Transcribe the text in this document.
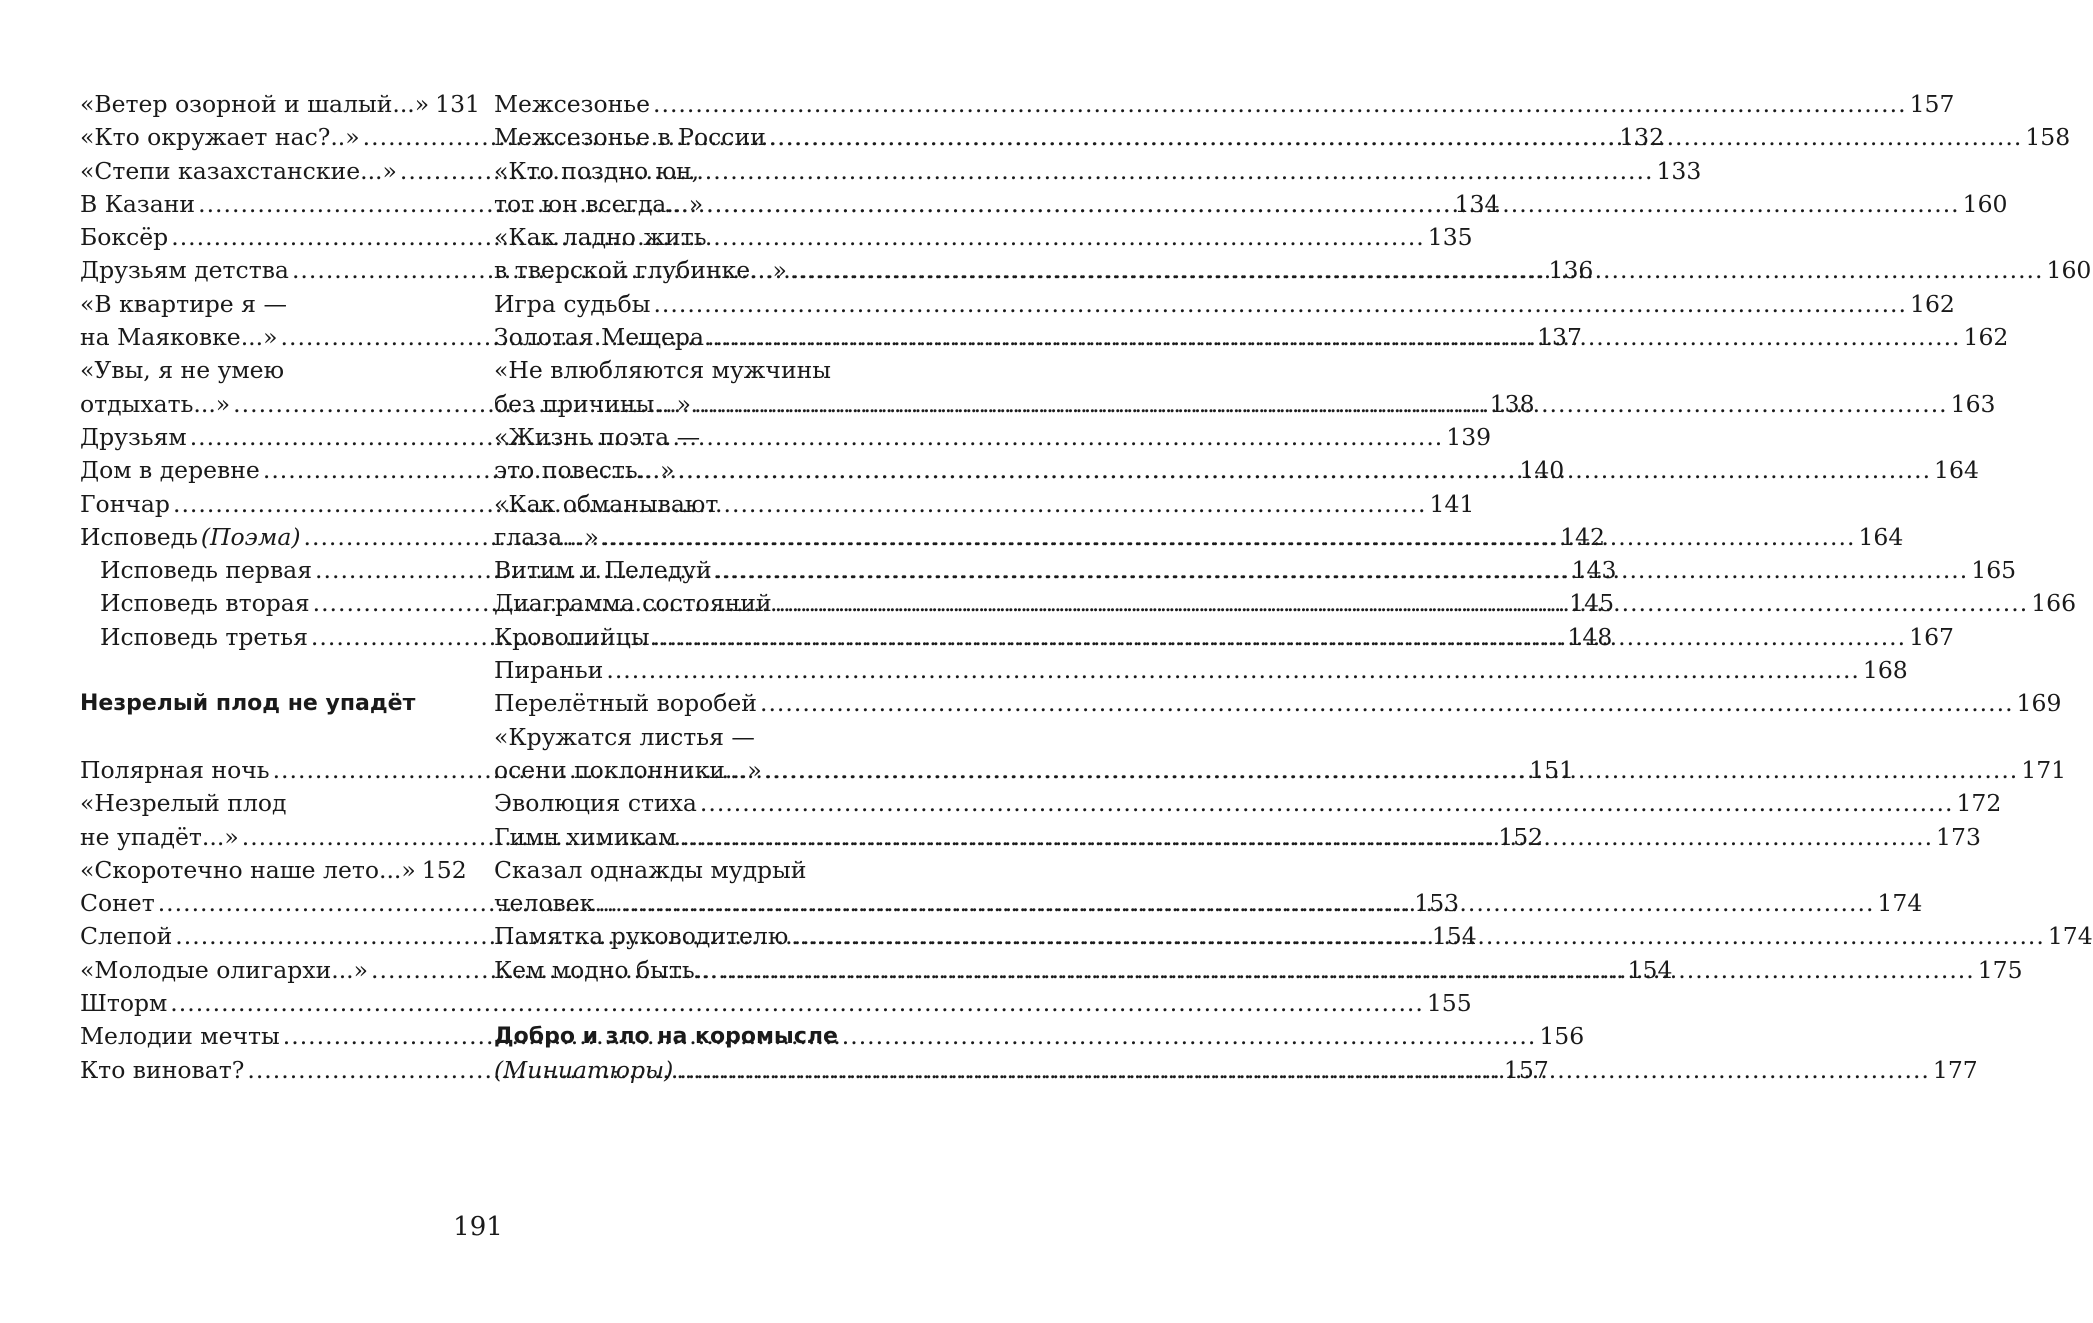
«Ветер озорной и шалый...» 131
«Кто окружает нас?..» .....	132
«Степи казахстанские...» .....	133
В Казани .....	134
Боксёр .....	135
Друзьям детства .....	136
«В квартире я —
на Маяковке...» .....	137
«Увы, я не умею
отдыхать...» .....	138
Друзьям .....	139
Дом в деревне .....	140
Гончар .....	141
Исповедь (Поэма) .....	142
Исповедь первая .....	143
Исповедь вторая .....	145
Исповедь третья .....	148
Незрелый плод не упадёт
Полярная ночь .....	151
«Незрелый плод
не упадёт...» .....	152
«Скоротечно наше лето...» 152
Сонет .....	153
Слепой .....	154
«Молодые олигархи...» .....	154
Шторм .....	155
Мелодии мечты .....	156
Кто виноват? .....	157
Межсезонье .....	157
Межсезонье в России .....	158
«Кто поздно юн,
тот юн всегда...» .....	160
«Как ладно жить
в тверской глубинке...» .....	160
Игра судьбы .....	162
Золотая Мещера .....	162
«Не влюбляются мужчины
без причины...» .....	163
«Жизнь поэта —
это повесть...» .....	164
«Как обманывают
глаза...» .....	164
Витим и Пеледуй .....	165
Диаграмма состояний .....	166
Кровопийцы .....	167
Пираньи .....	168
Перелётный воробей .....	169
«Кружатся листья —
осени поклонники...» .....	171
Эволюция стиха .....	172
Гимн химикам .....	173
Сказал однажды мудрый
человек… .....	174
Памятка руководителю .....	174
Кем модно быть… .....	175
Добро и зло на коромысле
(Миниатюры) .....	177
191
